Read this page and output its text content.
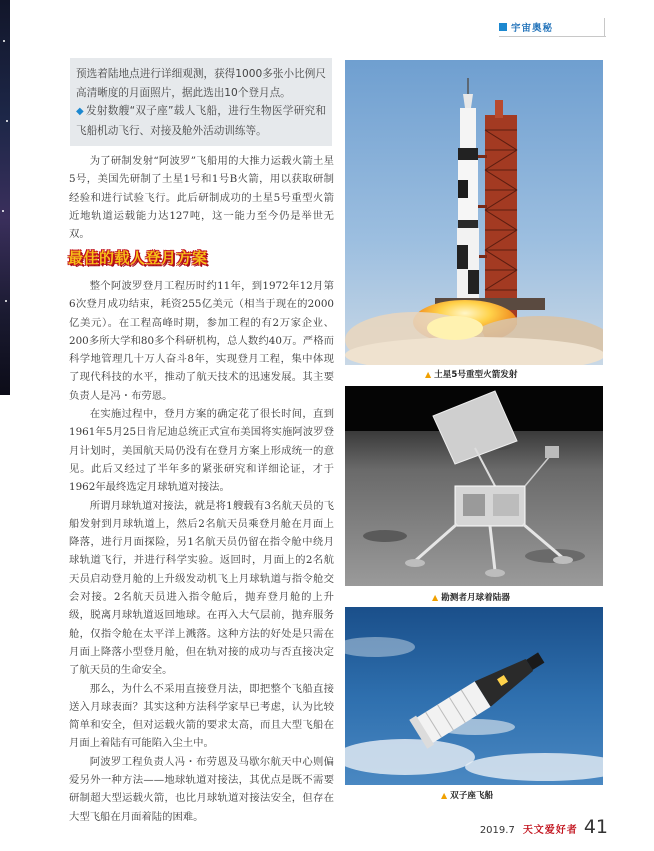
宇宙奥秘

预选着陆地点进行详细观测，获得1000多张小比例尺高清晰度的月面照片，据此选出10个登月点。

◆ 发射数艘“双子座”载人飞船，进行生物医学研究和飞船机动飞行、对接及舱外活动训练等。

为了研制发射“阿波罗”飞船用的大推力运载火箭土星5号，美国先研制了土星1号和1号B火箭，用以获取研制经验和进行试验飞行。此后研制成功的土星5号重型火箭近地轨道运载能力达127吨，这一能力至今仍是举世无双。

最佳的载人登月方案

整个阿波罗登月工程历时约11年，到1972年12月第6次登月成功结束，耗资255亿美元（相当于现在的2000亿美元）。在工程高峰时期，参加工程的有2万家企业、200多所大学和80多个科研机构，总人数约40万。严格而科学地管理几十万人奋斗8年，实现登月工程，集中体现了现代科技的水平，推动了航天技术的迅速发展。其主要负责人是冯・布劳恩。

在实施过程中，登月方案的确定花了很长时间，直到1961年5月25日肯尼迪总统正式宣布美国将实施阿波罗登月计划时，美国航天局仍没有在登月方案上形成统一的意见。此后又经过了半年多的紧张研究和详细论证，才于1962年最终选定月球轨道对接法。

所谓月球轨道对接法，就是将1艘载有3名航天员的飞船发射到月球轨道上，然后2名航天员乘登月舱在月面上降落，进行月面探险，另1名航天员仍留在指令舱中绕月球轨道飞行，并进行科学实验。返回时，月面上的2名航天员启动登月舱的上升级发动机飞上月球轨道与指令舱交会对接。2名航天员进入指令舱后，抛弃登月舱的上升级，脱离月球轨道返回地球。在再入大气层前，抛弃服务舱，仅指令舱在太平洋上溅落。这种方法的好处是只需在月面上降落小型登月舱，但在轨对接的成功与否直接决定了航天员的生命安全。

那么，为什么不采用直接登月法，即把整个飞船直接送入月球表面？其实这种方法科学家早已考虑，认为比较简单和安全，但对运载火箭的要求太高，而且大型飞船在月面上着陆有可能陷入尘土中。

阿波罗工程负责人冯・布劳恩及马歇尔航天中心则偏爱另外一种方法——地球轨道对接法，其优点是既不需要研制超大型运载火箭，也比月球轨道对接法安全，但存在大型飞船在月面着陆的困难。

▲ 土星5号重型火箭发射
▲ 勘测者月球着陆器
▲ 双子座飞船
2019.7 天文爱好者 41
